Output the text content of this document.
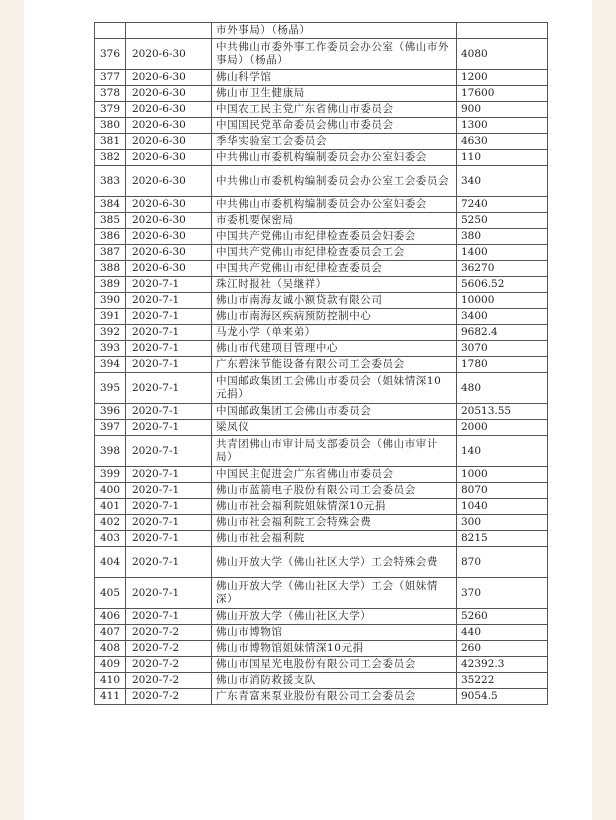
		市外事局）（杨晶）	
376	2020-6-30	中共佛山市委外事工作委员会办公室（佛山市外事局）（杨晶）	4080
377	2020-6-30	佛山科学馆	1200
378	2020-6-30	佛山市卫生健康局	17600
379	2020-6-30	中国农工民主党广东省佛山市委员会	900
380	2020-6-30	中国国民党革命委员会佛山市委员会	1300
381	2020-6-30	季华实验室工会委员会	4630
382	2020-6-30	中共佛山市委机构编制委员会办公室妇委会	110
383	2020-6-30	中共佛山市委机构编制委员会办公室工会委员会	340
384	2020-6-30	中共佛山市委机构编制委员会办公室妇委会	7240
385	2020-6-30	市委机要保密局	5250
386	2020-6-30	中国共产党佛山市纪律检查委员会妇委会	380
387	2020-6-30	中国共产党佛山市纪律检查委员会工会	1400
388	2020-6-30	中国共产党佛山市纪律检查委员会	36270
389	2020-7-1	珠江时报社（吴继祥）	5606.52
390	2020-7-1	佛山市南海友诚小额贷款有限公司	10000
391	2020-7-1	佛山市南海区疾病预防控制中心	3400
392	2020-7-1	马龙小学（单来弟）	9682.4
393	2020-7-1	佛山市代建项目管理中心	3070
394	2020-7-1	广东碧涞节能设备有限公司工会委员会	1780
395	2020-7-1	中国邮政集团工会佛山市委员会（姐妹情深10元捐）	480
396	2020-7-1	中国邮政集团工会佛山市委员会	20513.55
397	2020-7-1	梁凤仪	2000
398	2020-7-1	共青团佛山市审计局支部委员会（佛山市审计局）	140
399	2020-7-1	中国民主促进会广东省佛山市委员会	1000
400	2020-7-1	佛山市蓝箭电子股份有限公司工会委员会	8070
401	2020-7-1	佛山市社会福利院姐妹情深10元捐	1040
402	2020-7-1	佛山市社会福利院工会特殊会费	300
403	2020-7-1	佛山市社会福利院	8215
404	2020-7-1	佛山开放大学（佛山社区大学）工会特殊会费	870
405	2020-7-1	佛山开放大学（佛山社区大学）工会（姐妹情深）	370
406	2020-7-1	佛山开放大学（佛山社区大学）	5260
407	2020-7-2	佛山市博物馆	440
408	2020-7-2	佛山市博物馆姐妹情深10元捐	260
409	2020-7-2	佛山市国星光电股份有限公司工会委员会	42392.3
410	2020-7-2	佛山市消防救援支队	35222
411	2020-7-2	广东青富来泵业股份有限公司工会委员会	9054.5
